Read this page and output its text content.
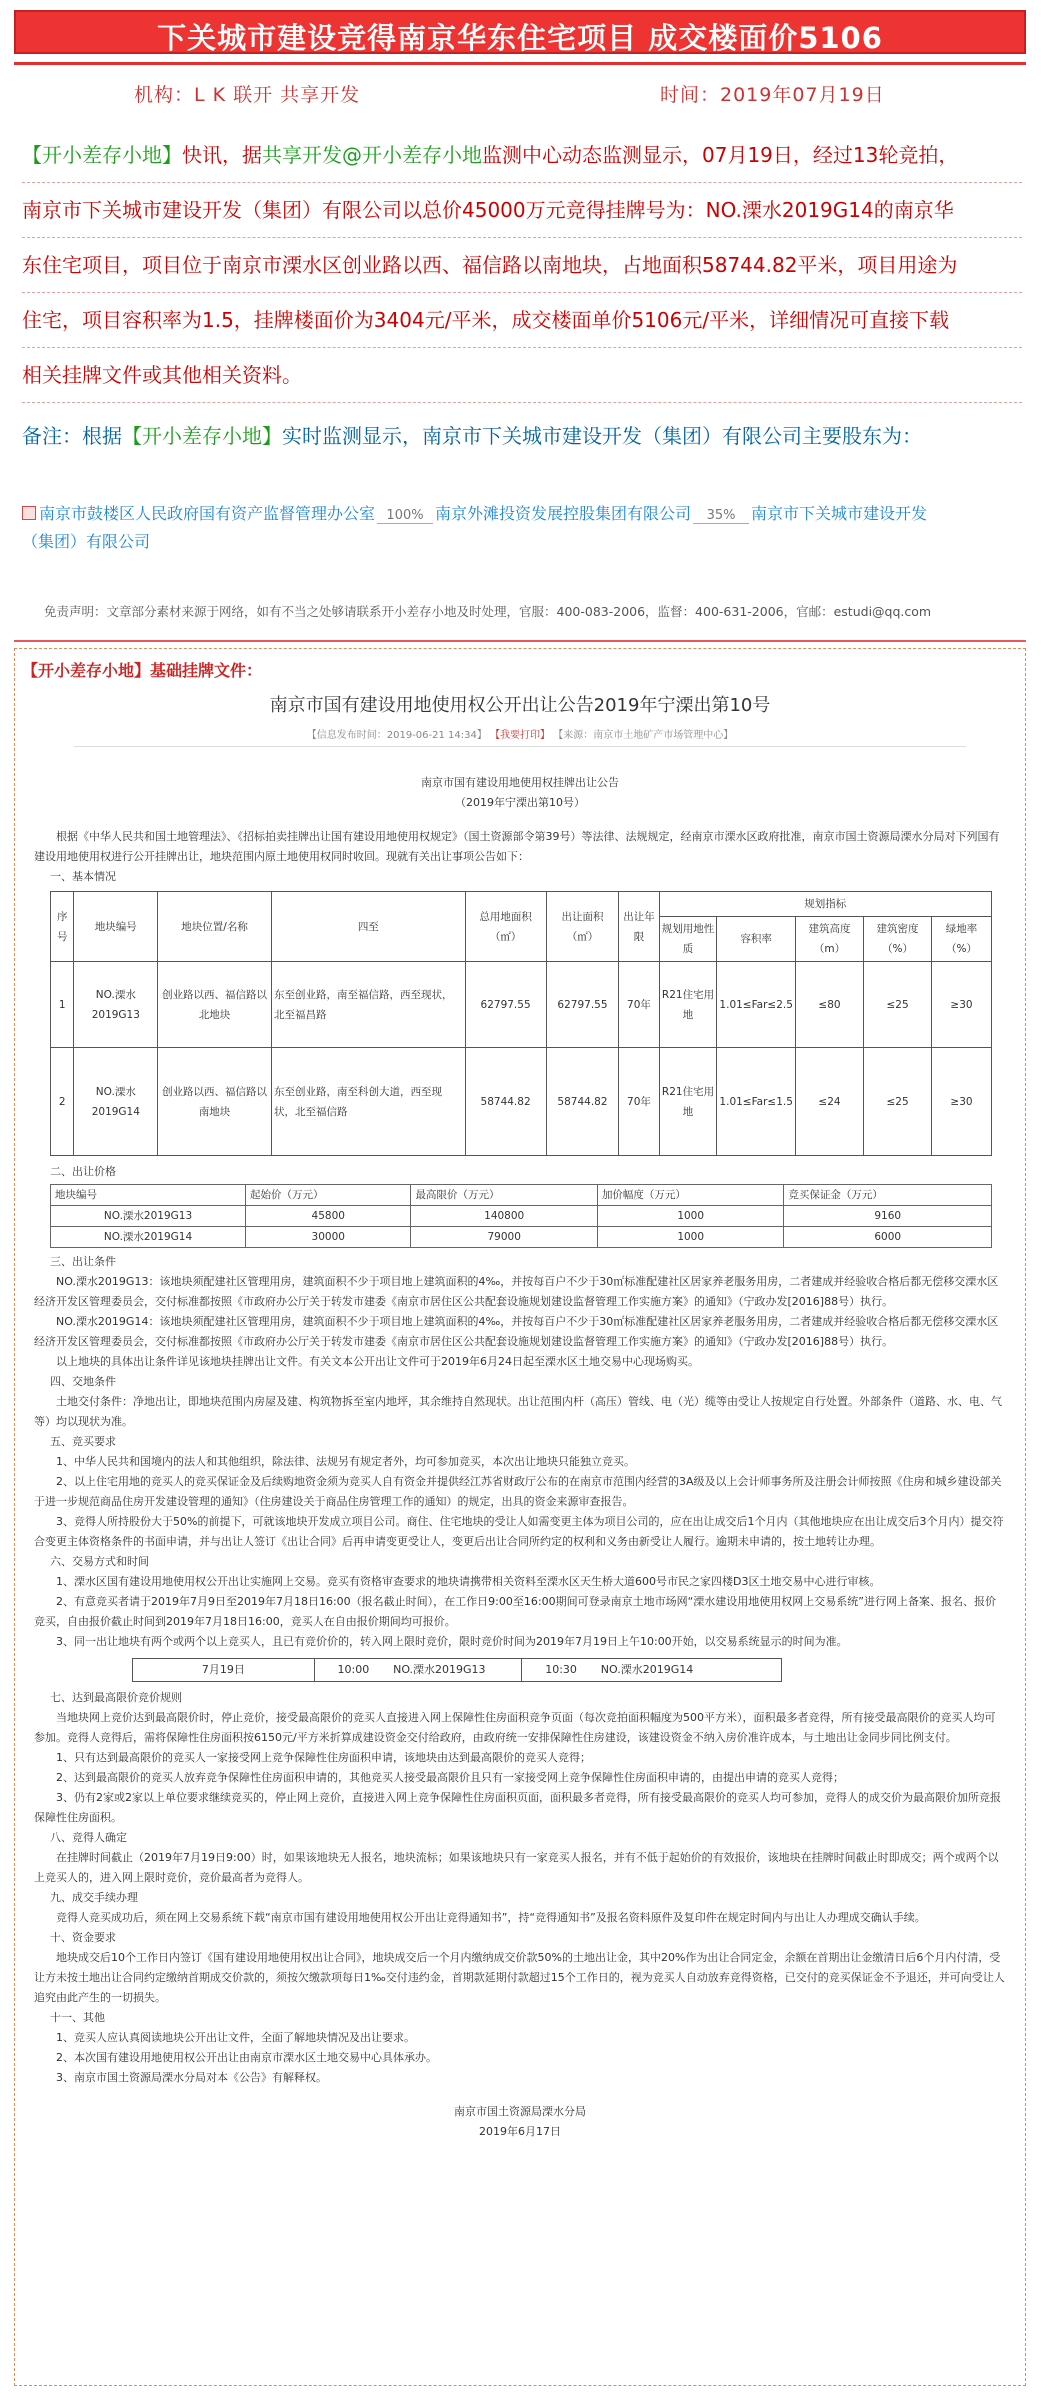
下关城市建设竞得南京华东住宅项目 成交楼面价5106
机构：L K 联开 共享开发	时间：2019年07月19日
【开小差存小地】快讯，据共享开发@开小差存小地监测中心动态监测显示，07月19日，经过13轮竞拍，
南京市下关城市建设开发（集团）有限公司以总价45000万元竞得挂牌号为：NO.溧水2019G14的南京华
东住宅项目，项目位于南京市溧水区创业路以西、福信路以南地块，占地面积58744.82平米，项目用途为
住宅，项目容积率为1.5，挂牌楼面价为3404元/平米，成交楼面单价5106元/平米，详细情况可直接下载
相关挂牌文件或其他相关资料。
备注：根据【开小差存小地】实时监测显示，南京市下关城市建设开发（集团）有限公司主要股东为：
南京市鼓楼区人民政府国有资产监督管理办公室 100% 南京外滩投资发展控股集团有限公司 35% 南京市下关城市建设开发
（集团）有限公司
免责声明：文章部分素材来源于网络，如有不当之处够请联系开小差存小地及时处理，官服：400-083-2006，监督：400-631-2006，官邮：estudi@qq.com
【开小差存小地】基础挂牌文件：
南京市国有建设用地使用权公开出让公告2019年宁溧出第10号
【信息发布时间：2019-06-21 14:34】 【我要打印】 【来源：南京市土地矿产市场管理中心】
南京市国有建设用地使用权挂牌出让公告
（2019年宁溧出第10号）

根据《中华人民共和国土地管理法》、《招标拍卖挂牌出让国有建设用地使用权规定》（国土资源部令第39号）等法律、法规规定，经南京市溧水区政府批准，南京市国土资源局溧水分局对下列国有建设用地使用权进行公开挂牌出让，地块范围内原土地使用权同时收回。现就有关出让事项公告如下：

一、基本情况
序号	地块编号	地块位置/名称	四至	总用地面积（㎡）	出让面积（㎡）	出让年限	规划指标				
							规划用地性质	容积率	建筑高度（m）	建筑密度（%）	绿地率（%）
1	NO.溧水2019G13	创业路以西、福信路以北地块	东至创业路，南至福信路，西至现状，北至福昌路	62797.55	62797.55	70年	R21住宅用地	1.01≤Far≤2.5	≤80	≤25	≥30
2	NO.溧水2019G14	创业路以西、福信路以南地块	东至创业路，南至科创大道，西至现状，北至福信路	58744.82	58744.82	70年	R21住宅用地	1.01≤Far≤1.5	≤24	≤25	≥30
二、出让价格
地块编号	起始价（万元）	最高限价（万元）	加价幅度（万元）	竞买保证金（万元）
NO.溧水2019G13	45800	140800	1000	9160
NO.溧水2019G14	30000	79000	1000	6000
三、出让条件

NO.溧水2019G13：该地块须配建社区管理用房，建筑面积不少于项目地上建筑面积的4‰，并按每百户不少于30㎡标准配建社区居家养老服务用房，二者建成并经验收合格后都无偿移交溧水区经济开发区管理委员会，交付标准都按照《市政府办公厅关于转发市建委《南京市居住区公共配套设施规划建设监督管理工作实施方案》的通知》（宁政办发[2016]88号）执行。

NO.溧水2019G14：该地块须配建社区管理用房，建筑面积不少于项目地上建筑面积的4‰，并按每百户不少于30㎡标准配建社区居家养老服务用房，二者建成并经验收合格后都无偿移交溧水区经济开发区管理委员会，交付标准都按照《市政府办公厅关于转发市建委《南京市居住区公共配套设施规划建设监督管理工作实施方案》的通知》（宁政办发[2016]88号）执行。

以上地块的具体出让条件详见该地块挂牌出让文件。有关文本公开出让文件可于2019年6月24日起至溧水区土地交易中心现场购买。

四、交地条件

土地交付条件：净地出让，即地块范围内房屋及建、构筑物拆至室内地坪，其余维持自然现状。出让范围内杆（高压）管线、电（光）缆等由受让人按规定自行处置。外部条件（道路、水、电、气等）均以现状为准。

五、竞买要求

1、中华人民共和国境内的法人和其他组织，除法律、法规另有规定者外，均可参加竞买，本次出让地块只能独立竞买。

2、以上住宅用地的竞买人的竞买保证金及后续购地资金须为竞买人自有资金并提供经江苏省财政厅公布的在南京市范围内经营的3A级及以上会计师事务所及注册会计师按照《住房和城乡建设部关于进一步规范商品住房开发建设管理的通知》（住房建设关于商品住房管理工作的通知）的规定，出具的资金来源审查报告。

3、竞得人所持股份大于50%的前提下，可就该地块开发成立项目公司。商住、住宅地块的受让人如需变更主体为项目公司的，应在出让成交后1个月内（其他地块应在出让成交后3个月内）提交符合变更主体资格条件的书面申请，并与出让人签订《出让合同》后再申请变更受让人，变更后出让合同所约定的权利和义务由新受让人履行。逾期未申请的，按土地转让办理。

六、交易方式和时间

1、溧水区国有建设用地使用权公开出让实施网上交易。竞买有资格审查要求的地块请携带相关资料至溧水区天生桥大道600号市民之家四楼D3区土地交易中心进行审核。

2、有意竞买者请于2019年7月9日至2019年7月18日16:00（报名截止时间），在工作日9:00至16:00期间可登录南京土地市场网“溧水建设用地使用权网上交易系统”进行网上备案、报名、报价竞买，自由报价截止时间到2019年7月18日16:00，竞买人在自由报价期间均可报价。

3、同一出让地块有两个或两个以上竞买人，且已有竞价价的，转入网上限时竞价，限时竞价时间为2019年7月19日上午10:00开始，以交易系统显示的时间为准。

7月19日	10:00	NO.溧水2019G13	10:30	NO.溧水2019G14
七、达到最高限价竞价规则

当地块网上竞价达到最高限价时，停止竞价，接受最高限价的竞买人直接进入网上保障性住房面积竞争页面（每次竞拍面积幅度为500平方米），面积最多者竞得，所有接受最高限价的竞买人均可参加。竞得人竞得后，需将保障性住房面积按6150元/平方米折算成建设资金交付给政府，由政府统一安排保障性住房建设，该建设资金不纳入房价准许成本，与土地出让金同步同比例支付。

1、只有达到最高限价的竞买人一家接受网上竞争保障性住房面积申请，该地块由达到最高限价的竞买人竞得；

2、达到最高限价的竞买人放弃竞争保障性住房面积申请的，其他竞买人接受最高限价且只有一家接受网上竞争保障性住房面积申请的，由提出申请的竞买人竞得；

3、仍有2家或2家以上单位要求继续竞买的，停止网上竞价，直接进入网上竞争保障性住房面积页面，面积最多者竞得，所有接受最高限价的竞买人均可参加，竞得人的成交价为最高限价加所竞报保障性住房面积。

八、竞得人确定

在挂牌时间截止（2019年7月19日9:00）时，如果该地块无人报名，地块流标；如果该地块只有一家竞买人报名，并有不低于起始价的有效报价，该地块在挂牌时间截止时即成交；两个或两个以上竞买人的，进入网上限时竞价，竞价最高者为竞得人。

九、成交手续办理

竞得人竞买成功后，须在网上交易系统下载“南京市国有建设用地使用权公开出让竞得通知书”，持“竞得通知书”及报名资料原件及复印件在规定时间内与出让人办理成交确认手续。

十、资金要求

地块成交后10个工作日内签订《国有建设用地使用权出让合同》，地块成交后一个月内缴纳成交价款50%的土地出让金，其中20%作为出让合同定金，余额在首期出让金缴清日后6个月内付清，受让方未按土地出让合同约定缴纳首期成交价款的，须按欠缴款项每日1‰交付违约金，首期款延期付款超过15个工作日的，视为竞买人自动放弃竞得资格，已交付的竞买保证金不予退还，并可向受让人追究由此产生的一切损失。

十一、其他

1、竞买人应认真阅读地块公开出让文件，全面了解地块情况及出让要求。

2、本次国有建设用地使用权公开出让由南京市溧水区土地交易中心具体承办。

3、南京市国土资源局溧水分局对本《公告》有解释权。

南京市国土资源局溧水分局
2019年6月17日
